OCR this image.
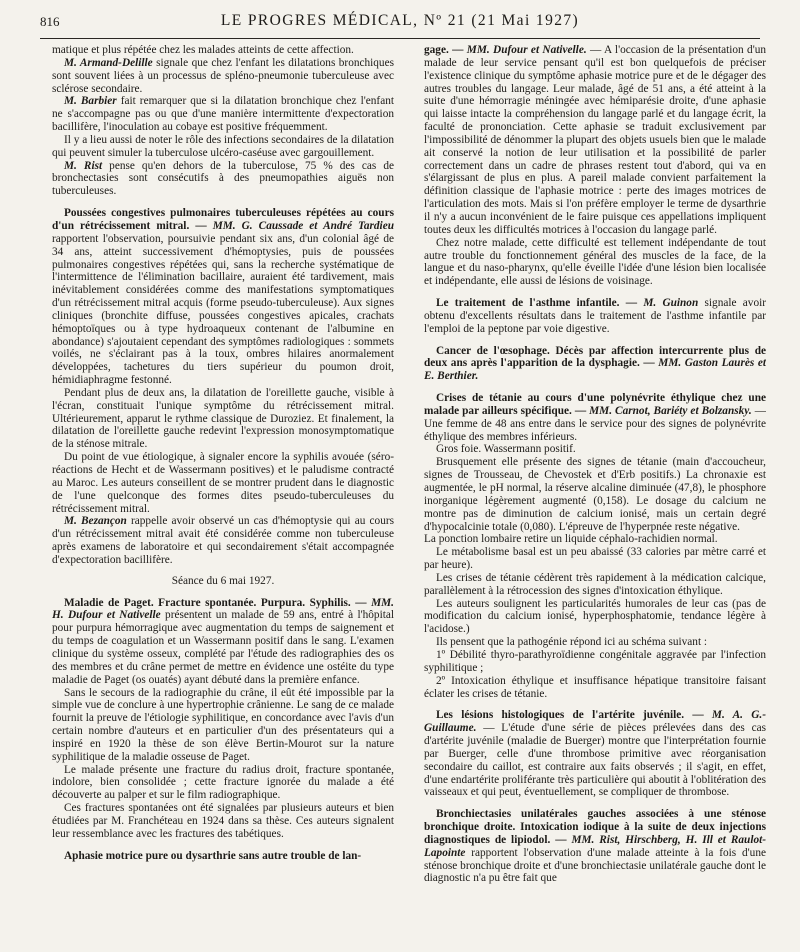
816	LE PROGRES MÉDICAL, Nº 21 (21 Mai 1927)

matique et plus répétée chez les malades atteints de cette affection.

M. Armand-Delille signale que chez l'enfant les dilatations bronchiques sont souvent liées à un processus de spléno-pneumonie tuberculeuse avec sclérose secondaire.

M. Barbier fait remarquer que si la dilatation bronchique chez l'enfant ne s'accompagne pas ou que d'une manière intermittente d'expectoration bacillifère, l'inoculation au cobaye est positive fréquemment.

Il y a lieu aussi de noter le rôle des infections secondaires de la dilatation qui peuvent simuler la tuberculose ulcéro-caséuse avec gargouillement.

M. Rist pense qu'en dehors de la tuberculose, 75 % des cas de bronchectasies sont consécutifs à des pneumopathies aiguës non tuberculeuses.

Poussées congestives pulmonaires tuberculeuses répétées au cours d'un rétrécissement mitral. — MM. G. Caussade et André Tardieu rapportent l'observation, poursuivie pendant six ans, d'un colonial âgé de 34 ans, atteint successivement d'hémoptysies, puis de poussées pulmonaires congestives répétées qui, sans la recherche systématique de l'intermittence de l'élimination bacillaire, auraient été tardivement, mais inévitablement considérées comme des manifestations symptomatiques d'un rétrécissement mitral acquis (forme pseudo-tuberculeuse). Aux signes cliniques (bronchite diffuse, poussées congestives apicales, crachats hémoptoïques ou à type hydroaqueux contenant de l'albumine en abondance) s'ajoutaient cependant des symptômes radiologiques : sommets voilés, ne s'éclairant pas à la toux, ombres hilaires anormalement développées, tachetures du tiers supérieur du poumon droit, hémidiaphragme festonné.

Pendant plus de deux ans, la dilatation de l'oreillette gauche, visible à l'écran, constituait l'unique symptôme du rétrécissement mitral. Ultérieurement, apparut le rythme classique de Duroziez. Et finalement, la dilatation de l'oreillette gauche redevint l'expression monosymptomatique de la sténose mitrale.

Du point de vue étiologique, à signaler encore la syphilis avouée (séro-réactions de Hecht et de Wassermann positives) et le paludisme contracté au Maroc. Les auteurs conseillent de se montrer prudent dans le diagnostic de l'une quelconque des formes dites pseudo-tuberculeuses du rétrécissement mitral.

M. Bezançon rappelle avoir observé un cas d'hémoptysie qui au cours d'un rétrécissement mitral avait été considérée comme non tuberculeuse après examens de laboratoire et qui secondairement s'était accompagnée d'expectoration bacillifère.

Séance du 6 mai 1927.

Maladie de Paget. Fracture spontanée. Purpura. Syphilis. — MM. H. Dufour et Nativelle présentent un malade de 59 ans, entré à l'hôpital pour purpura hémorragique avec augmentation du temps de saignement et du temps de coagulation et un Wassermann positif dans le sang. L'examen clinique du système osseux, complété par l'étude des radiographies des os des membres et du crâne permet de mettre en évidence une ostéite du type maladie de Paget (os ouatés) ayant débuté dans la première enfance.

Sans le secours de la radiographie du crâne, il eût été impossible par la simple vue de conclure à une hypertrophie crânienne. Le sang de ce malade fournit la preuve de l'étiologie syphilitique, en concordance avec l'avis d'un certain nombre d'auteurs et en particulier d'un des présentateurs qui a inspiré en 1920 la thèse de son élève Bertin-Mourot sur la nature syphilitique de la maladie osseuse de Paget.

Le malade présente une fracture du radius droit, fracture spontanée, indolore, bien consolidée ; cette fracture ignorée du malade a été découverte au palper et sur le film radiographique.

Ces fractures spontanées ont été signalées par plusieurs auteurs et bien étudiées par M. Franchéteau en 1924 dans sa thèse. Ces auteurs signalent leur ressemblance avec les fractures des tabétiques.

Aphasie motrice pure ou dysarthrie sans autre trouble de lan-

gage. — MM. Dufour et Nativelle. — A l'occasion de la présentation d'un malade de leur service pensant qu'il est bon quelquefois de préciser l'existence clinique du symptôme aphasie motrice pure et de le dégager des autres troubles du langage. Leur malade, âgé de 51 ans, a été atteint à la suite d'une hémorragie méningée avec hémiparésie droite, d'une aphasie qui laisse intacte la compréhension du langage parlé et du langage écrit, la faculté de prononciation. Cette aphasie se traduit exclusivement par l'impossibilité de dénommer la plupart des objets usuels bien que le malade ait conservé la notion de leur utilisation et la possibilité de parler correctement dans un cadre de phrases restent tout d'abord, qui va en s'élargissant de plus en plus. A pareil malade convient parfaitement la définition classique de l'aphasie motrice : perte des images motrices de l'articulation des mots. Mais si l'on préfère employer le terme de dysarthrie il n'y a aucun inconvénient de le faire puisque ces appellations impliquent toutes deux les difficultés motrices à l'occasion du langage parlé.

Chez notre malade, cette difficulté est tellement indépendante de tout autre trouble du fonctionnement général des muscles de la face, de la langue et du naso-pharynx, qu'elle éveille l'idée d'une lésion bien localisée et indépendante, elle aussi de lésions de voisinage.

Le traitement de l'asthme infantile. — M. Guinon signale avoir obtenu d'excellents résultats dans le traitement de l'asthme infantile par l'emploi de la peptone par voie digestive.

Cancer de l'œsophage. Décès par affection intercurrente plus de deux ans après l'apparition de la dysphagie. — MM. Gaston Laurès et E. Berthier.

Crises de tétanie au cours d'une polynévrite éthylique chez une malade par ailleurs spécifique. — MM. Carnot, Bariéty et Bolzansky. — Une femme de 48 ans entre dans le service pour des signes de polynévrite éthylique des membres inférieurs.

Gros foie. Wassermann positif.

Brusquement elle présente des signes de tétanie (main d'accoucheur, signes de Trousseau, de Chevostek et d'Erb positifs.) La chronaxie est augmentée, le pH normal, la réserve alcaline diminuée (47,8), le phosphore inorganique légèrement augmenté (0,158). Le dosage du calcium ne montre pas de diminution de calcium ionisé, mais un certain degré d'hypocalcinie totale (0,080). L'épreuve de l'hyperpnée reste négative.

La ponction lombaire retire un liquide céphalo-rachidien normal.

Le métabolisme basal est un peu abaissé (33 calories par mètre carré et par heure).

Les crises de tétanie cédèrent très rapidement à la médication calcique, parallèlement à la rétrocession des signes d'intoxication éthylique.

Les auteurs soulignent les particularités humorales de leur cas (pas de modification du calcium ionisé, hyperphosphatomie, tendance légère à l'acidose.)

Ils pensent que la pathogénie répond ici au schéma suivant :

1º Débilité thyro-parathyroïdienne congénitale aggravée par l'infection syphilitique ;

2º Intoxication éthylique et insuffisance hépatique transitoire faisant éclater les crises de tétanie.

Les lésions histologiques de l'artérite juvénile. — M. A. G.-Guillaume. — L'étude d'une série de pièces prélevées dans des cas d'artérite juvénile (maladie de Buerger) montre que l'interprétation fournie par Buerger, celle d'une thrombose primitive avec réorganisation secondaire du caillot, est contraire aux faits observés ; il s'agit, en effet, d'une endartérite proliférante très particulière qui aboutit à l'oblitération des vaisseaux et qui peut, éventuellement, se compliquer de thrombose.

Bronchiectasies unilatérales gauches associées à une sténose bronchique droite. Intoxication iodique à la suite de deux injections diagnostiques de lipiodol. — MM. Rist, Hirschberg, H. Ill et Raulot-Lapointe rapportent l'observation d'une malade atteinte à la fois d'une sténose bronchique droite et d'une bronchiectasie unilatérale gauche dont le diagnostic n'a pu être fait que
